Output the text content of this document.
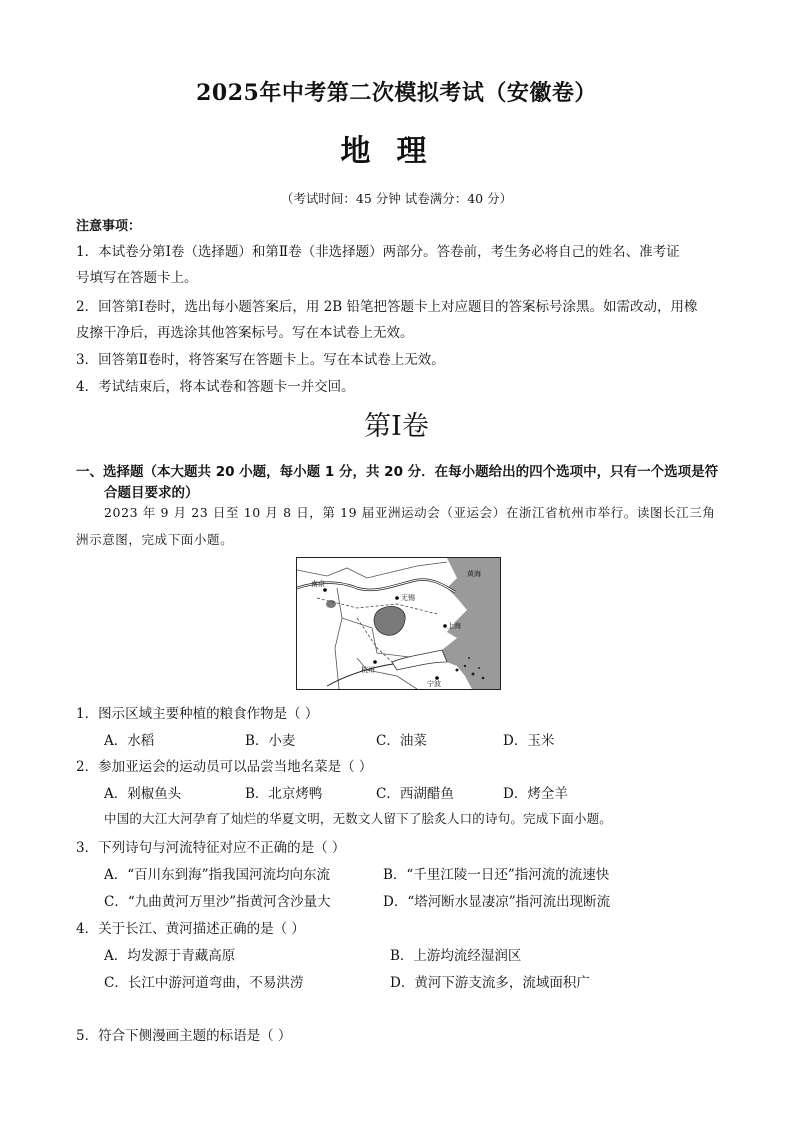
2025年中考第二次模拟考试（安徽卷）
地理
（考试时间：45 分钟 试卷满分：40 分）
注意事项：
1．本试卷分第Ⅰ卷（选择题）和第Ⅱ卷（非选择题）两部分。答卷前，考生务必将自己的姓名、准考证
号填写在答题卡上。
2．回答第Ⅰ卷时，选出每小题答案后，用 2B 铅笔把答题卡上对应题目的答案标号涂黑。如需改动，用橡
皮擦干净后，再选涂其他答案标号。写在本试卷上无效。
3．回答第Ⅱ卷时，将答案写在答题卡上。写在本试卷上无效。
4．考试结束后，将本试卷和答题卡一并交回。
第Ⅰ卷
一、选择题（本大题共 20 小题，每小题 1 分，共 20 分．在每小题给出的四个选项中，只有一个选项是符
合题目要求的）
2023 年 9 月 23 日至 10 月 8 日，第 19 届亚洲运动会（亚运会）在浙江省杭州市举行。读图长江三角
洲示意图，完成下面小题。
南京
无锡
上海
杭州
宁波
黄海
1．图示区域主要种植的粮食作物是（ ）
A．水稻	B．小麦	C．油菜	D．玉米
2．参加亚运会的运动员可以品尝当地名菜是（ ）
A．剁椒鱼头	B．北京烤鸭	C．西湖醋鱼	D．烤全羊
中国的大江大河孕育了灿烂的华夏文明，无数文人留下了脍炙人口的诗句。完成下面小题。
3．下列诗句与河流特征对应不正确的是（ ）
A．“百川东到海”指我国河流均向东流	B．“千里江陵一日还”指河流的流速快
C．“九曲黄河万里沙”指黄河含沙量大	D．“塔河断水显凄凉”指河流出现断流
4．关于长江、黄河描述正确的是（ ）
A．均发源于青藏高原	B．上游均流经湿润区
C．长江中游河道弯曲，不易洪涝	D．黄河下游支流多，流域面积广
5．符合下侧漫画主题的标语是（ ）
